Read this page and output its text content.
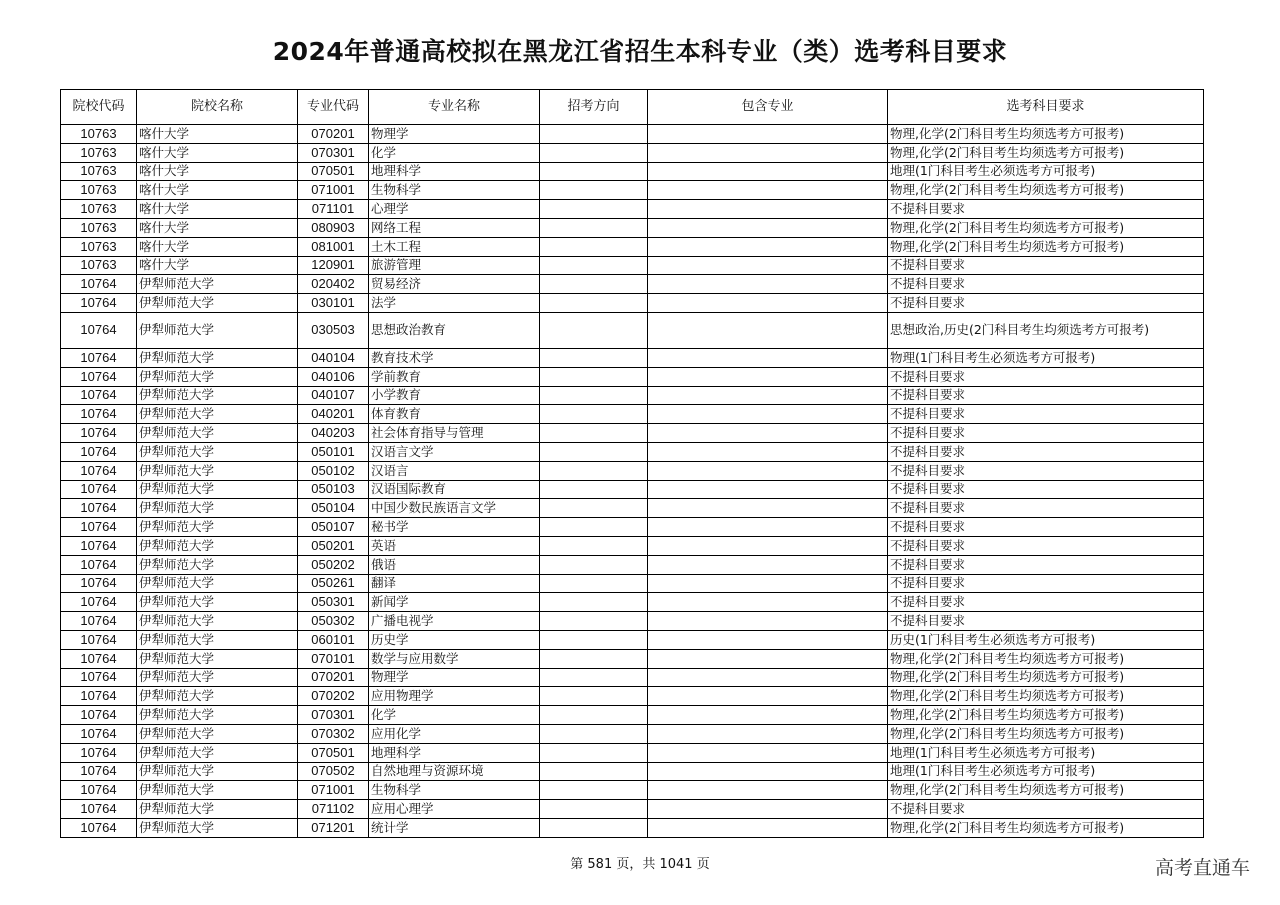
2024年普通高校拟在黑龙江省招生本科专业（类）选考科目要求
院校代码	院校名称	专业代码	专业名称	招考方向	包含专业	选考科目要求
10763	喀什大学	070201	物理学			物理,化学(2门科目考生均须选考方可报考)
10763	喀什大学	070301	化学			物理,化学(2门科目考生均须选考方可报考)
10763	喀什大学	070501	地理科学			地理(1门科目考生必须选考方可报考)
10763	喀什大学	071001	生物科学			物理,化学(2门科目考生均须选考方可报考)
10763	喀什大学	071101	心理学			不提科目要求
10763	喀什大学	080903	网络工程			物理,化学(2门科目考生均须选考方可报考)
10763	喀什大学	081001	土木工程			物理,化学(2门科目考生均须选考方可报考)
10763	喀什大学	120901	旅游管理			不提科目要求
10764	伊犁师范大学	020402	贸易经济			不提科目要求
10764	伊犁师范大学	030101	法学			不提科目要求
10764	伊犁师范大学	030503	思想政治教育			思想政治,历史(2门科目考生均须选考方可报考)
10764	伊犁师范大学	040104	教育技术学			物理(1门科目考生必须选考方可报考)
10764	伊犁师范大学	040106	学前教育			不提科目要求
10764	伊犁师范大学	040107	小学教育			不提科目要求
10764	伊犁师范大学	040201	体育教育			不提科目要求
10764	伊犁师范大学	040203	社会体育指导与管理			不提科目要求
10764	伊犁师范大学	050101	汉语言文学			不提科目要求
10764	伊犁师范大学	050102	汉语言			不提科目要求
10764	伊犁师范大学	050103	汉语国际教育			不提科目要求
10764	伊犁师范大学	050104	中国少数民族语言文学			不提科目要求
10764	伊犁师范大学	050107	秘书学			不提科目要求
10764	伊犁师范大学	050201	英语			不提科目要求
10764	伊犁师范大学	050202	俄语			不提科目要求
10764	伊犁师范大学	050261	翻译			不提科目要求
10764	伊犁师范大学	050301	新闻学			不提科目要求
10764	伊犁师范大学	050302	广播电视学			不提科目要求
10764	伊犁师范大学	060101	历史学			历史(1门科目考生必须选考方可报考)
10764	伊犁师范大学	070101	数学与应用数学			物理,化学(2门科目考生均须选考方可报考)
10764	伊犁师范大学	070201	物理学			物理,化学(2门科目考生均须选考方可报考)
10764	伊犁师范大学	070202	应用物理学			物理,化学(2门科目考生均须选考方可报考)
10764	伊犁师范大学	070301	化学			物理,化学(2门科目考生均须选考方可报考)
10764	伊犁师范大学	070302	应用化学			物理,化学(2门科目考生均须选考方可报考)
10764	伊犁师范大学	070501	地理科学			地理(1门科目考生必须选考方可报考)
10764	伊犁师范大学	070502	自然地理与资源环境			地理(1门科目考生必须选考方可报考)
10764	伊犁师范大学	071001	生物科学			物理,化学(2门科目考生均须选考方可报考)
10764	伊犁师范大学	071102	应用心理学			不提科目要求
10764	伊犁师范大学	071201	统计学			物理,化学(2门科目考生均须选考方可报考)
第 581 页，共 1041 页	高考直通车
